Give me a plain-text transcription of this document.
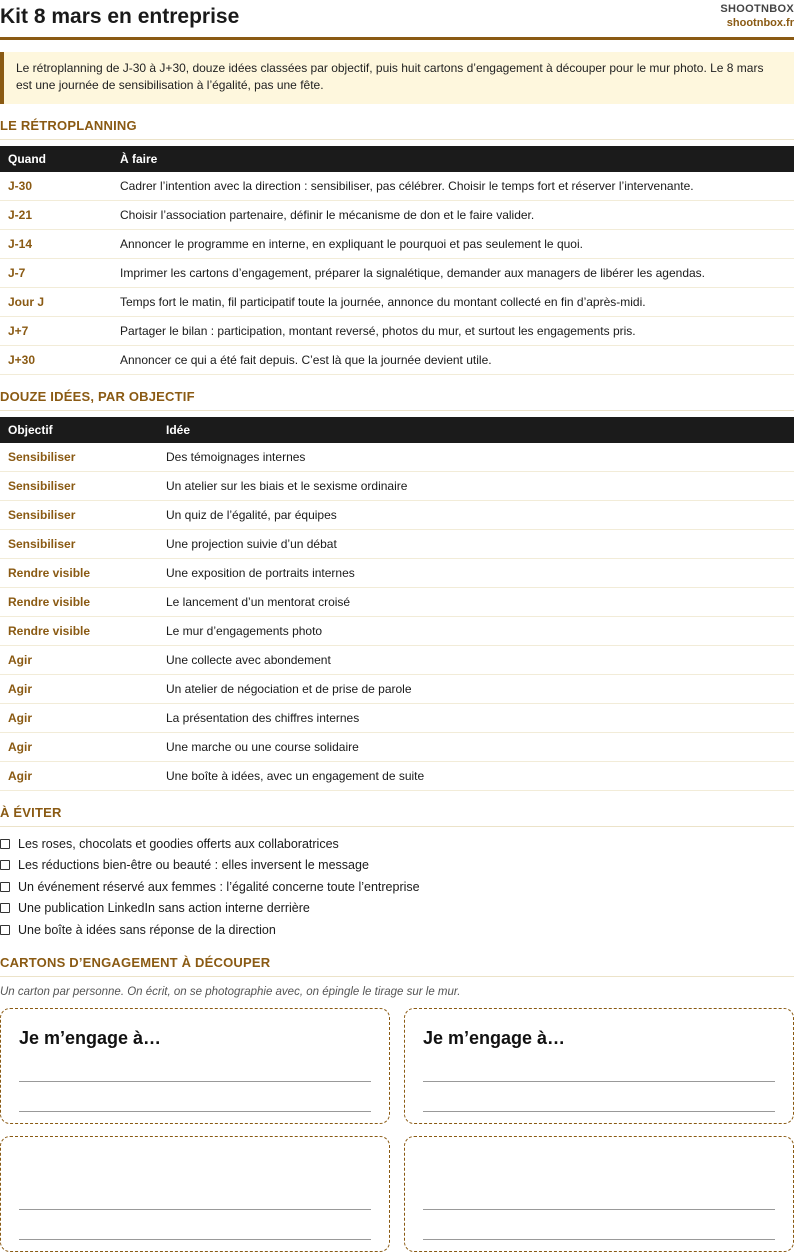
Kit 8 mars en entreprise	SHOOTNBOX
shootnbox.fr
Le rétroplanning de J-30 à J+30, douze idées classées par objectif, puis huit cartons d’engagement à découper pour le mur photo. Le 8 mars est une journée de sensibilisation à l’égalité, pas une fête.
LE RÉTROPLANNING
Quand	À faire
J-30	Cadrer l’intention avec la direction : sensibiliser, pas célébrer. Choisir le temps fort et réserver l’intervenante.
J-21	Choisir l’association partenaire, définir le mécanisme de don et le faire valider.
J-14	Annoncer le programme en interne, en expliquant le pourquoi et pas seulement le quoi.
J-7	Imprimer les cartons d’engagement, préparer la signalétique, demander aux managers de libérer les agendas.
Jour J	Temps fort le matin, fil participatif toute la journée, annonce du montant collecté en fin d’après-midi.
J+7	Partager le bilan : participation, montant reversé, photos du mur, et surtout les engagements pris.
J+30	Annoncer ce qui a été fait depuis. C’est là que la journée devient utile.
DOUZE IDÉES, PAR OBJECTIF
Objectif	Idée
Sensibiliser	Des témoignages internes
Sensibiliser	Un atelier sur les biais et le sexisme ordinaire
Sensibiliser	Un quiz de l’égalité, par équipes
Sensibiliser	Une projection suivie d’un débat
Rendre visible	Une exposition de portraits internes
Rendre visible	Le lancement d’un mentorat croisé
Rendre visible	Le mur d’engagements photo
Agir	Une collecte avec abondement
Agir	Un atelier de négociation et de prise de parole
Agir	La présentation des chiffres internes
Agir	Une marche ou une course solidaire
Agir	Une boîte à idées, avec un engagement de suite
À ÉVITER
Les roses, chocolats et goodies offerts aux collaboratrices
Les réductions bien-être ou beauté : elles inversent le message
Un événement réservé aux femmes : l’égalité concerne toute l’entreprise
Une publication LinkedIn sans action interne derrière
Une boîte à idées sans réponse de la direction
CARTONS D’ENGAGEMENT À DÉCOUPER
Un carton par personne. On écrit, on se photographie avec, on épingle le tirage sur le mur.
Je m’engage à…	Je m’engage à…
